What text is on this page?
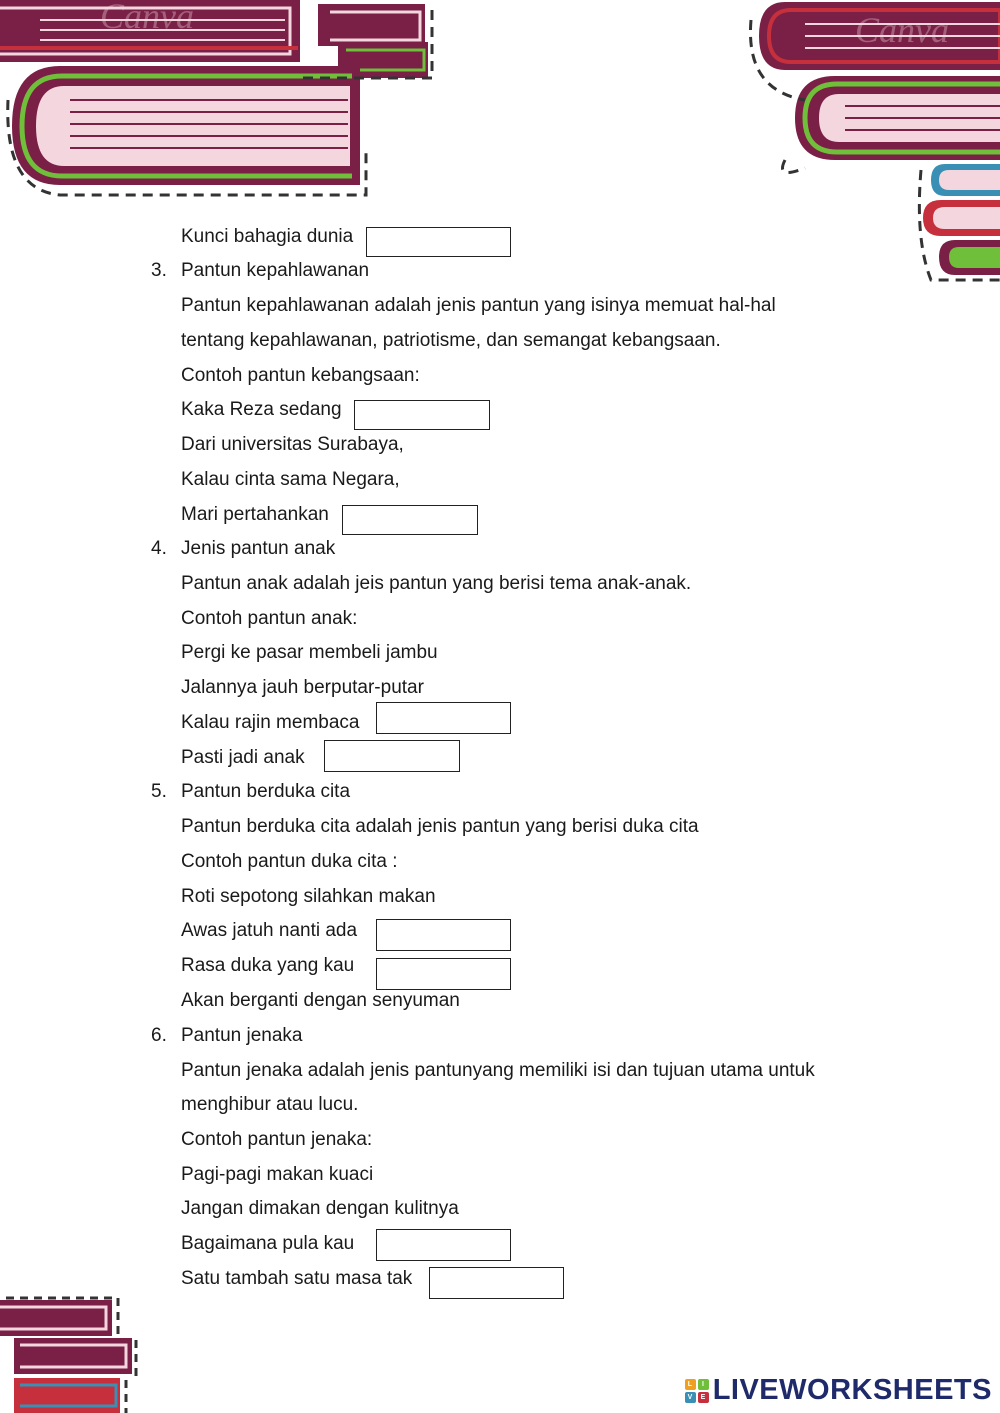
Canva	Canva
Kunci bahagia dunia
3. Pantun kepahlawanan
Pantun kepahlawanan adalah jenis pantun yang isinya memuat hal-hal
tentang kepahlawanan, patriotisme, dan semangat kebangsaan.
Contoh pantun kebangsaan:
Kaka Reza sedang
Dari universitas Surabaya,
Kalau cinta sama Negara,
Mari pertahankan
4. Jenis pantun anak
Pantun anak adalah jeis pantun yang berisi tema anak-anak.
Contoh pantun anak:
Pergi ke pasar membeli jambu
Jalannya jauh berputar-putar
Kalau rajin membaca
Pasti jadi anak
5. Pantun berduka cita
Pantun berduka cita adalah jenis pantun yang berisi duka cita
Contoh pantun duka cita :
Roti sepotong silahkan makan
Awas jatuh nanti ada
Rasa duka yang kau
Akan berganti dengan senyuman
6. Pantun jenaka
Pantun jenaka adalah jenis pantunyang memiliki isi dan tujuan utama untuk
menghibur atau lucu.
Contoh pantun jenaka:
Pagi-pagi makan kuaci
Jangan dimakan dengan kulitnya
Bagaimana pula kau
Satu tambah satu masa tak
L	I
V	E LIVEWORKSHEETS
